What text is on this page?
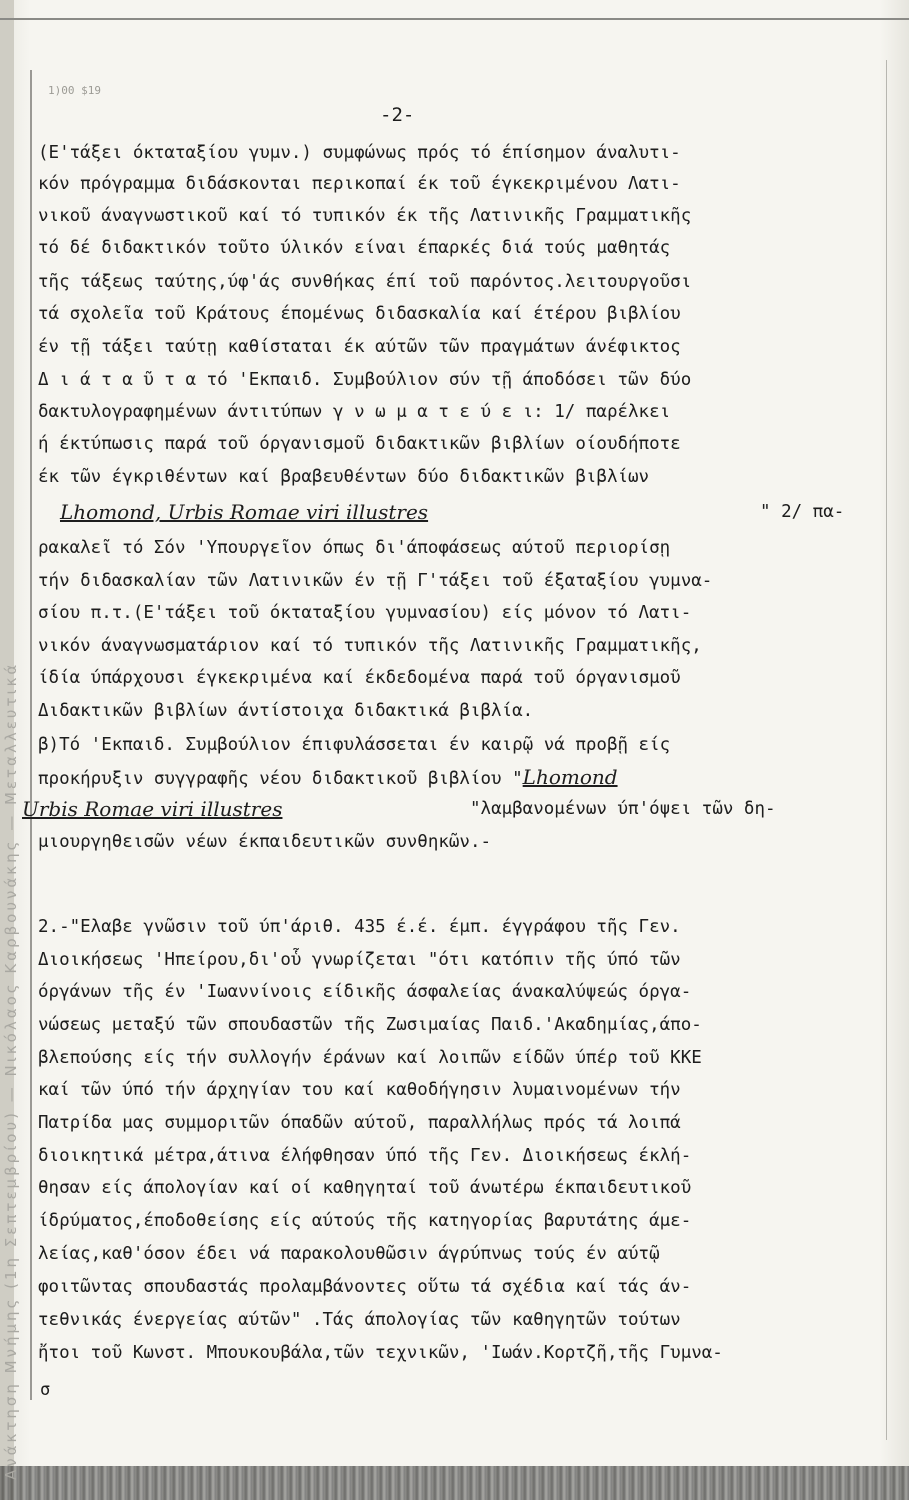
1)00 $19
Ανάκτηση Μνήμης (1η Σεπτεμβρίου) — Νικόλαος Καρβουνάκης — Μεταλλευτικά
-2-
(Ε'τάξει όκταταξίου γυμν.) συμφώνως πρός τό έπίσημον άναλυτι-
κόν πρόγραμμα διδάσκονται περικοπαί έκ τοῦ έγκεκριμένου Λατι-
νικοῦ άναγνωστικοῦ καί τό τυπικόν έκ τῆς Λατινικῆς Γραμματικῆς
τό δέ διδακτικόν τοῦτο ύλικόν είναι έπαρκές διά τούς μαθητάς
τῆς τάξεως ταύτης,ύφ'άς συνθήκας έπί τοῦ παρόντος.λειτουργοῦσι
τά σχολεῖα τοῦ Κράτους έπομένως διδασκαλία καί έτέρου βιβλίου
έν τῇ τάξει ταύτῃ καθίσταται έκ αύτῶν τῶν πραγμάτων άνέφικτος
Δ ι ά τ α ῦ τ α τό 'Εκπαιδ. Συμβούλιον σύν τῇ άποδόσει τῶν δύο
δακτυλογραφημένων άντιτύπων γ ν ω μ α τ ε ύ ε ι: 1/ παρέλκει
ή έκτύπωσις παρά τοῦ όργανισμοῦ διδακτικῶν βιβλίων οίουδήποτε
έκ τῶν έγκριθέντων καί βραβευθέντων δύο διδακτικῶν βιβλίων
Lhomond, Urbis Romae viri illustres	" 2/ πα-
ρακαλεῖ τό Σόν 'Υπουργεῖον όπως δι'άποφάσεως αύτοῦ περιορίσῃ
τήν διδασκαλίαν τῶν Λατινικῶν έν τῇ Γ'τάξει τοῦ έξαταξίου γυμνα-
σίου π.τ.(Ε'τάξει τοῦ όκταταξίου γυμνασίου) είς μόνον τό Λατι-
νικόν άναγνωσματάριον καί τό τυπικόν τῆς Λατινικῆς Γραμματικῆς,
ίδία ύπάρχουσι έγκεκριμένα καί έκδεδομένα παρά τοῦ όργανισμοῦ
Διδακτικῶν βιβλίων άντίστοιχα διδακτικά βιβλία.
β)Τό 'Εκπαιδ. Συμβούλιον έπιφυλάσσεται έν καιρῷ νά προβῇ είς
προκήρυξιν συγγραφῆς νέου διδακτικοῦ βιβλίου "Lhomond
Urbis Romae viri illustres	"λαμβανομένων ύπ'όψει τῶν δη-
μιουργηθεισῶν νέων έκπαιδευτικῶν συνθηκῶν.-
2.-"Ελαβε γνῶσιν τοῦ ύπ'άριθ. 435 έ.έ. έμπ. έγγράφου τῆς Γεν.
Διοικήσεως 'Ηπείρου,δι'οὗ γνωρίζεται "ότι κατόπιν τῆς ύπό τῶν
όργάνων τῆς έν 'Ιωαννίνοις είδικῆς άσφαλείας άνακαλύψεώς όργα-
νώσεως μεταξύ τῶν σπουδαστῶν τῆς Ζωσιμαίας Παιδ.'Ακαδημίας,άπο-
βλεπούσης είς τήν συλλογήν έράνων καί λοιπῶν είδῶν ύπέρ τοῦ ΚΚΕ
καί τῶν ύπό τήν άρχηγίαν του καί καθοδήγησιν λυμαινομένων τήν
Πατρίδα μας συμμοριτῶν όπαδῶν αύτοῦ, παραλλήλως πρός τά λοιπά
διοικητικά μέτρα,άτινα έλήφθησαν ύπό τῆς Γεν. Διοικήσεως έκλή-
θησαν είς άπολογίαν καί οί καθηγηταί τοῦ άνωτέρω έκπαιδευτικοῦ
ίδρύματος,έποδοθείσης είς αύτούς τῆς κατηγορίας βαρυτάτης άμε-
λείας,καθ'όσον έδει νά παρακολουθῶσιν άγρύπνως τούς έν αύτῷ
φοιτῶντας σπουδαστάς προλαμβάνοντες οὕτω τά σχέδια καί τάς άν-
τεθνικάς ένεργείας αύτῶν" .Τάς άπολογίας τῶν καθηγητῶν τούτων
ἤτοι τοῦ Κωνστ. Μπουκουβάλα,τῶν τεχνικῶν, 'Ιωάν.Κορτζῆ,τῆς Γυμνα-
σ
